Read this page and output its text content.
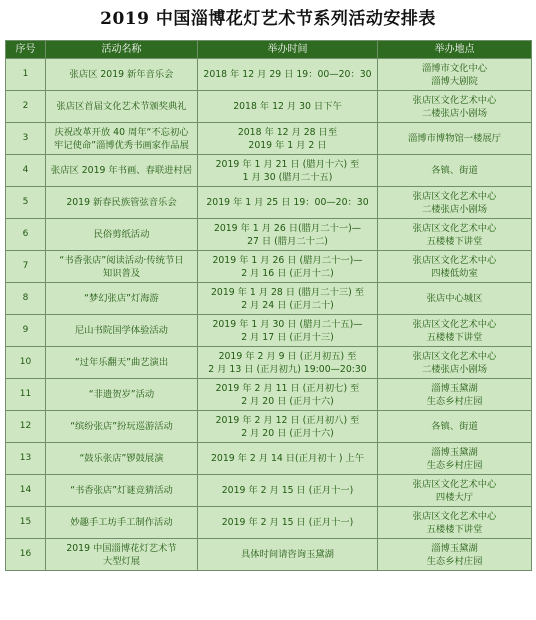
2019 中国淄博花灯艺术节系列活动安排表
序号	活动名称	举办时间	举办地点
1	张店区 2019 新年音乐会	2018 年 12 月 29 日 19：00—20：30	淄博市文化中心
淄博大剧院

2	张店区首届文化艺术节颁奖典礼	2018 年 12 月 30 日下午	张店区文化艺术中心
二楼张店小剧场

3	庆祝改革开放 40 周年“不忘初心
牢记使命”淄博优秀书画家作品展	2018 年 12 月 28 日至
2019 年 1 月 2 日	淄博市博物馆一楼展厅

4	张店区 2019 年书画、春联进村居	2019 年 1 月 21 日 (腊月十六) 至
1 月 30 (腊月二十五)	各镇、街道

5	2019 新春民族管弦音乐会	2019 年 1 月 25 日 19：00—20：30	张店区文化艺术中心
二楼张店小剧场

6	民俗剪纸活动	2019 年 1 月 26 日(腊月二十一)—
27 日 (腊月二十二)	张店区文化艺术中心
五楼楼下讲堂

7	“书香张店”阅读活动·传统节日
知识普及	2019 年 1 月 26 日 (腊月二十一)—
2 月 16 日 (正月十二)	张店区文化艺术中心
四楼低幼室

8	“梦幻张店”灯海游	2019 年 1 月 28 日 (腊月二十三) 至
2 月 24 日 (正月二十)	张店中心城区

9	尼山书院国学体验活动	2019 年 1 月 30 日 (腊月二十五)—
2 月 17 日 (正月十三)	张店区文化艺术中心
五楼楼下讲堂

10	“过年乐翻天”曲艺演出	2019 年 2 月 9 日 (正月初五) 至
2 月 13 日 (正月初九) 19:00—20:30	张店区文化艺术中心
二楼张店小剧场

11	“非遗贺岁”活动	2019 年 2 月 11 日 (正月初七) 至
2 月 20 日 (正月十六)	淄博玉黛湖
生态乡村庄园

12	“缤纷张店”扮玩巡游活动	2019 年 2 月 12 日 (正月初八) 至
2 月 20 日 (正月十六)	各镇、街道

13	“鼓乐张店”锣鼓展演	2019 年 2 月 14 日(正月初十 ) 上午	淄博玉黛湖
生态乡村庄园

14	“书香张店”灯谜竞猜活动	2019 年 2 月 15 日 (正月十一)	张店区文化艺术中心
四楼大厅

15	妙趣手工坊手工制作活动	2019 年 2 月 15 日 (正月十一)	张店区文化艺术中心
五楼楼下讲堂

16	2019 中国淄博花灯艺术节
大型灯展	具体时间请咨询玉黛湖	淄博玉黛湖
生态乡村庄园
